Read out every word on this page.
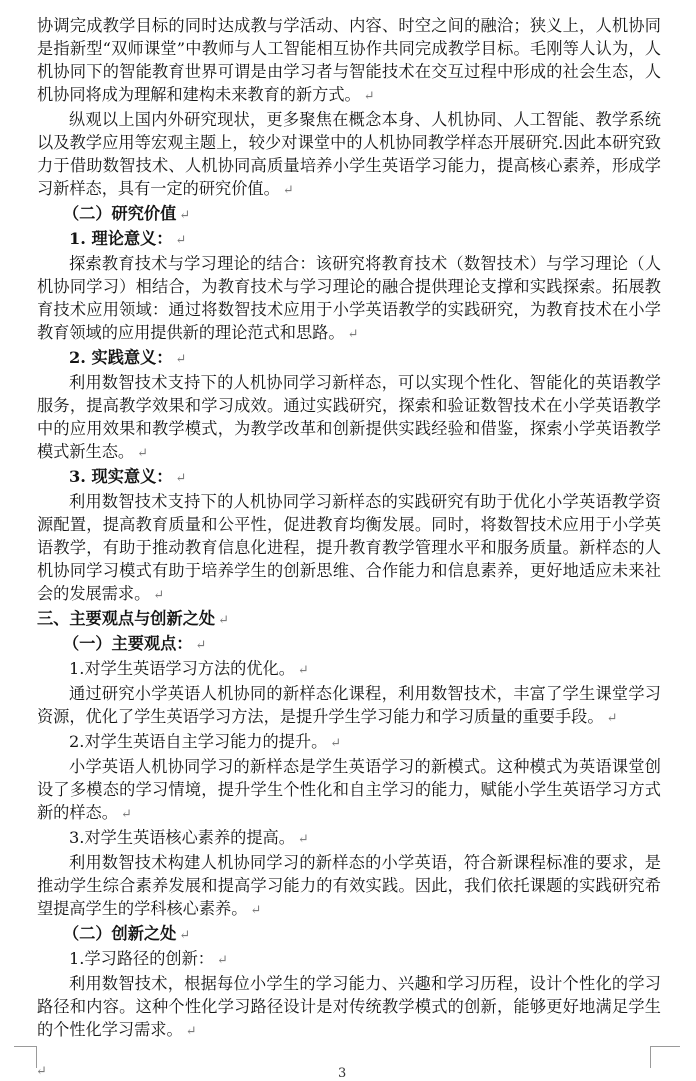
协调完成教学目标的同时达成教与学活动、内容、时空之间的融洽；狭义上，人机协同是指新型“双师课堂”中教师与人工智能相互协作共同完成教学目标。毛刚等人认为，人机协同下的智能教育世界可谓是由学习者与智能技术在交互过程中形成的社会生态，人机协同将成为理解和建构未来教育的新方式。 ↵

纵观以上国内外研究现状，更多聚焦在概念本身、人机协同、人工智能、教学系统以及教学应用等宏观主题上，较少对课堂中的人机协同教学样态开展研究.因此本研究致力于借助数智技术、人机协同高质量培养小学生英语学习能力，提高核心素养，形成学习新样态，具有一定的研究价值。 ↵

（二）研究价值 ↵

1. 理论意义： ↵

探索教育技术与学习理论的结合：该研究将教育技术（数智技术）与学习理论（人机协同学习）相结合，为教育技术与学习理论的融合提供理论支撑和实践探索。拓展教育技术应用领域：通过将数智技术应用于小学英语教学的实践研究，为教育技术在小学教育领域的应用提供新的理论范式和思路。 ↵

2. 实践意义： ↵

利用数智技术支持下的人机协同学习新样态，可以实现个性化、智能化的英语教学服务，提高教学效果和学习成效。通过实践研究，探索和验证数智技术在小学英语教学中的应用效果和教学模式，为教学改革和创新提供实践经验和借鉴，探索小学英语教学模式新生态。 ↵

3. 现实意义： ↵

利用数智技术支持下的人机协同学习新样态的实践研究有助于优化小学英语教学资源配置，提高教育质量和公平性，促进教育均衡发展。同时，将数智技术应用于小学英语教学，有助于推动教育信息化进程，提升教育教学管理水平和服务质量。新样态的人机协同学习模式有助于培养学生的创新思维、合作能力和信息素养，更好地适应未来社会的发展需求。 ↵

三、主要观点与创新之处 ↵

（一）主要观点： ↵

1.对学生英语学习方法的优化。 ↵

通过研究小学英语人机协同的新样态化课程，利用数智技术，丰富了学生课堂学习资源，优化了学生英语学习方法，是提升学生学习能力和学习质量的重要手段。 ↵

2.对学生英语自主学习能力的提升。 ↵

小学英语人机协同学习的新样态是学生英语学习的新模式。这种模式为英语课堂创设了多模态的学习情境，提升学生个性化和自主学习的能力，赋能小学生英语学习方式新的样态。 ↵

3.对学生英语核心素养的提高。 ↵

利用数智技术构建人机协同学习的新样态的小学英语，符合新课程标准的要求，是推动学生综合素养发展和提高学习能力的有效实践。因此，我们依托课题的实践研究希望提高学生的学科核心素养。 ↵

（二）创新之处 ↵

1.学习路径的创新： ↵

利用数智技术，根据每位小学生的学习能力、兴趣和学习历程，设计个性化的学习路径和内容。这种个性化学习路径设计是对传统教学模式的创新，能够更好地满足学生的个性化学习需求。 ↵

↵	3
